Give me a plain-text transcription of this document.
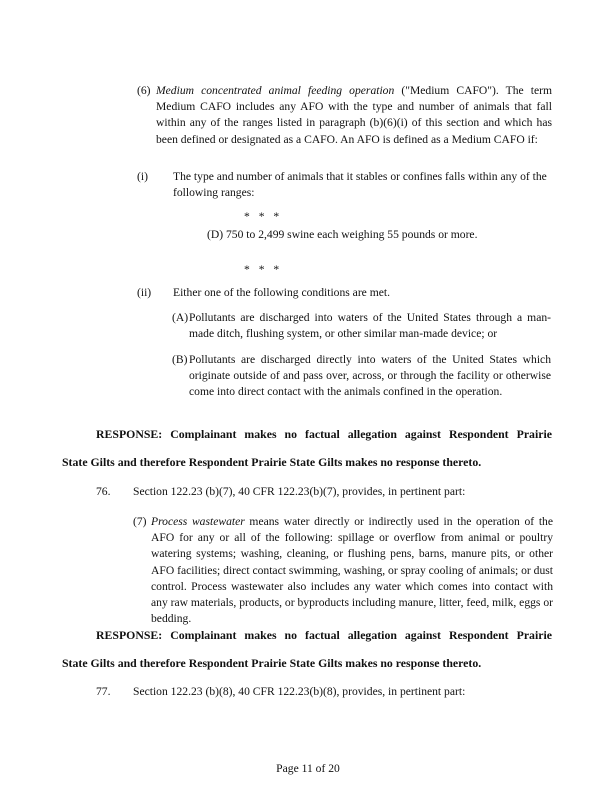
(6) Medium concentrated animal feeding operation ("Medium CAFO"). The term Medium CAFO includes any AFO with the type and number of animals that fall within any of the ranges listed in paragraph (b)(6)(i) of this section and which has been defined or designated as a CAFO. An AFO is defined as a Medium CAFO if:
(i) The type and number of animals that it stables or confines falls within any of the following ranges:
* * *
(D) 750 to 2,499 swine each weighing 55 pounds or more.
* * *
(ii) Either one of the following conditions are met.
(A) Pollutants are discharged into waters of the United States through a man-made ditch, flushing system, or other similar man-made device; or
(B) Pollutants are discharged directly into waters of the United States which originate outside of and pass over, across, or through the facility or otherwise come into direct contact with the animals confined in the operation.
RESPONSE: Complainant makes no factual allegation against Respondent Prairie
State Gilts and therefore Respondent Prairie State Gilts makes no response thereto.
76. Section 122.23 (b)(7), 40 CFR 122.23(b)(7), provides, in pertinent part:
(7) Process wastewater means water directly or indirectly used in the operation of the AFO for any or all of the following: spillage or overflow from animal or poultry watering systems; washing, cleaning, or flushing pens, barns, manure pits, or other AFO facilities; direct contact swimming, washing, or spray cooling of animals; or dust control. Process wastewater also includes any water which comes into contact with any raw materials, products, or byproducts including manure, litter, feed, milk, eggs or bedding.
RESPONSE: Complainant makes no factual allegation against Respondent Prairie
State Gilts and therefore Respondent Prairie State Gilts makes no response thereto.
77. Section 122.23 (b)(8), 40 CFR 122.23(b)(8), provides, in pertinent part:
Page 11 of 20
